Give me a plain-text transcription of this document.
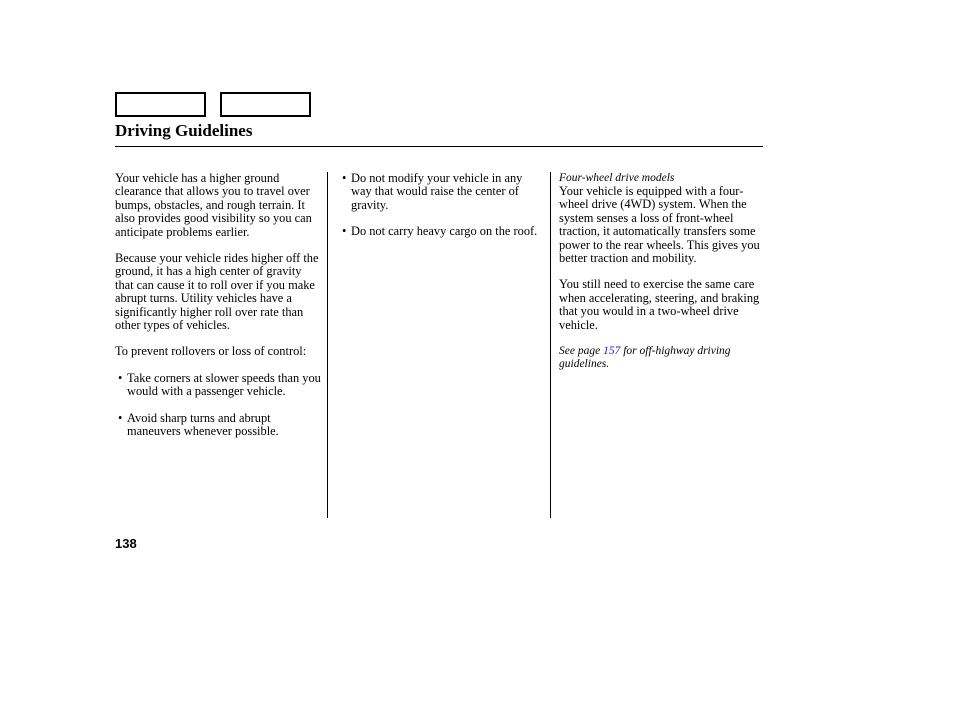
Driving Guidelines

Your vehicle has a higher ground clearance that allows you to travel over bumps, obstacles, and rough terrain. It also provides good visibility so you can anticipate problems earlier.

Because your vehicle rides higher off the ground, it has a high center of gravity that can cause it to roll over if you make abrupt turns. Utility vehicles have a significantly higher roll over rate than other types of vehicles.

To prevent rollovers or loss of control:

• Take corners at slower speeds than you would with a passenger vehicle.
• Avoid sharp turns and abrupt maneuvers whenever possible.
• Do not modify your vehicle in any way that would raise the center of gravity.
• Do not carry heavy cargo on the roof.

Four-wheel drive models

Your vehicle is equipped with a four-wheel drive (4WD) system. When the system senses a loss of front-wheel traction, it automatically transfers some power to the rear wheels. This gives you better traction and mobility.

You still need to exercise the same care when accelerating, steering, and braking that you would in a two-wheel drive vehicle.

See page 157 for off-highway driving guidelines.

138
